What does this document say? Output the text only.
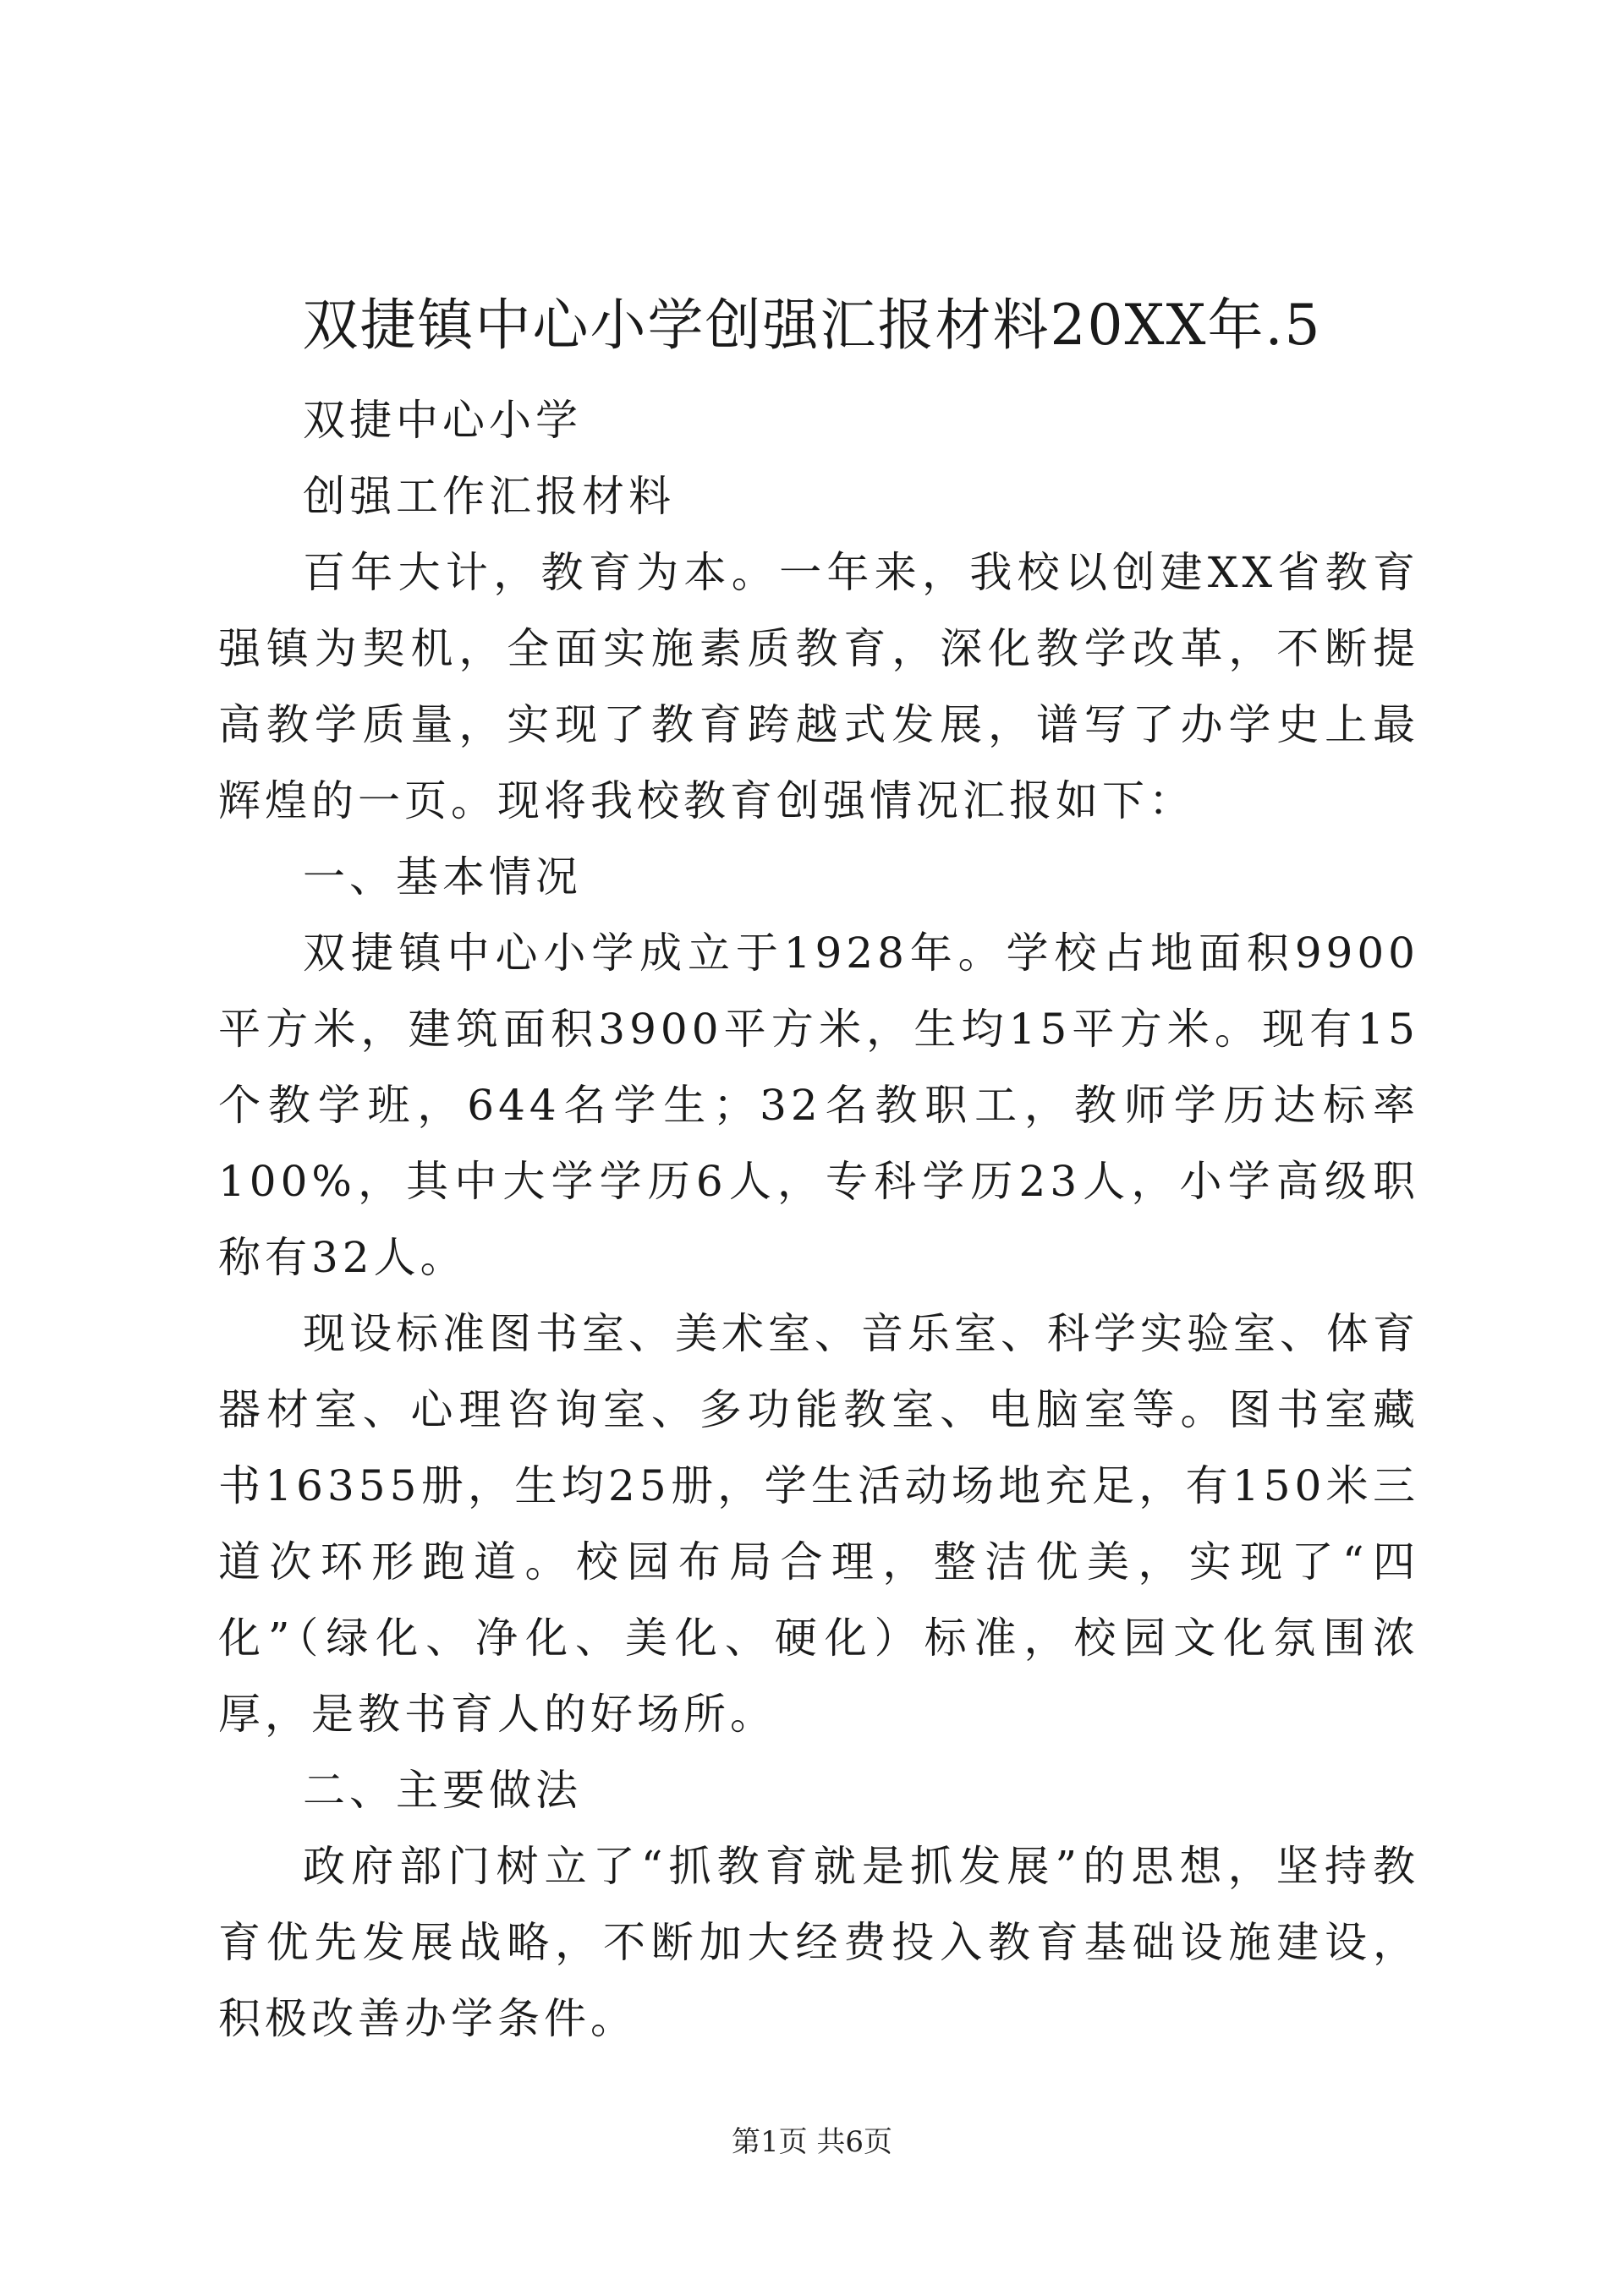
双捷镇中心小学创强汇报材料20XX年.5

双捷中心小学

创强工作汇报材料

百年大计，教育为本。一年来，我校以创建XX省教育强镇为契机，全面实施素质教育，深化教学改革，不断提高教学质量，实现了教育跨越式发展，谱写了办学史上最辉煌的一页。现将我校教育创强情况汇报如下：

一、基本情况

双捷镇中心小学成立于1928年。学校占地面积9900平方米，建筑面积3900平方米，生均15平方米。现有15个教学班，644名学生；32名教职工，教师学历达标率100%，其中大学学历6人，专科学历23人，小学高级职称有32人。

现设标准图书室、美术室、音乐室、科学实验室、体育器材室、心理咨询室、多功能教室、电脑室等。图书室藏书16355册，生均25册，学生活动场地充足，有150米三道次环形跑道。校园布局合理，整洁优美，实现了“四化”（绿化、净化、美化、硬化）标准，校园文化氛围浓厚，是教书育人的好场所。

二、主要做法

政府部门树立了“抓教育就是抓发展”的思想，坚持教育优先发展战略，不断加大经费投入教育基础设施建设，积极改善办学条件。

第1页 共6页
